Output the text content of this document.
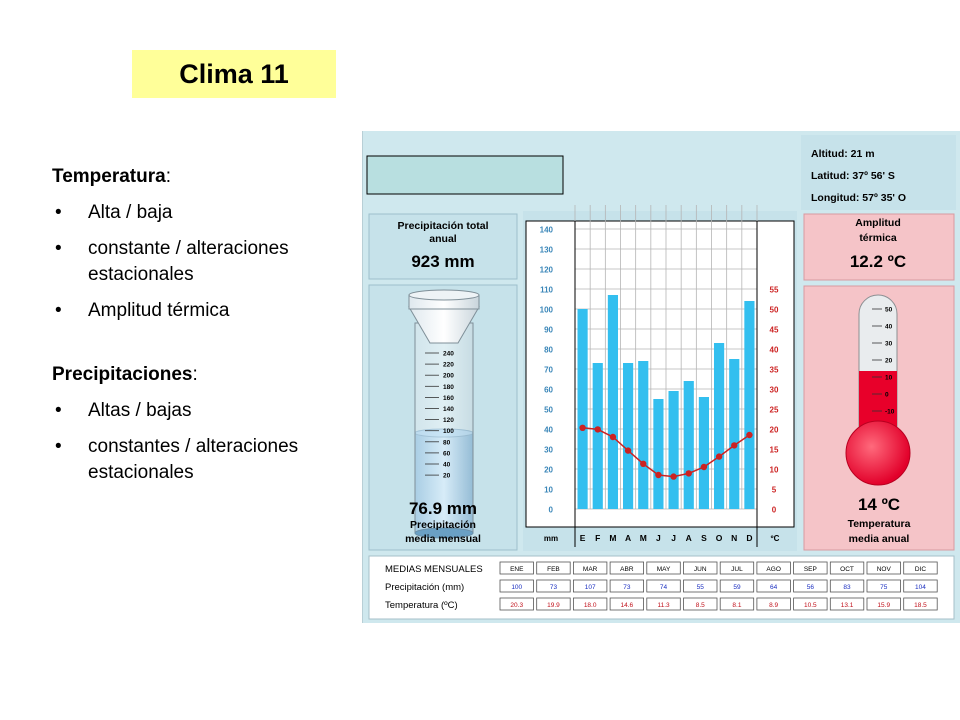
Clima 11
Temperatura:
• Alta / baja
• constante / alteraciones estacionales
• Amplitud térmica
Precipitaciones:
• Altas / bajas
• constantes / alteraciones estacionales
Altitud: 21 m
Latitud: 37º 56' S
Longitud: 57º 35' O
Precipitación total
anual
923 mm
240
220
200
180
160
140
120
100
80
60
40
20
76.9 mm
Precipitación
media mensual
0
10
20
30
40
50
60
70
80
90
100
110
120
130
140
0
5
10
15
20
25
30
35
40
45
50
55
mm	ºC
E F M A M J J A S O N D
Amplitud
térmica
12.2 ºC
50
40
30
20
10
0
-10
14 ºC
Temperatura
media anual
MEDIAS MENSUALES
Precipitación (mm)
Temperatura (ºC)
ENE
100
20.3
FEB
73
19.9
MAR
107
18.0
ABR
73
14.6
MAY
74
11.3
JUN
55
8.5
JUL
59
8.1
AGO
64
8.9
SEP
56
10.5
OCT
83
13.1
NOV
75
15.9
DIC
104
18.5
